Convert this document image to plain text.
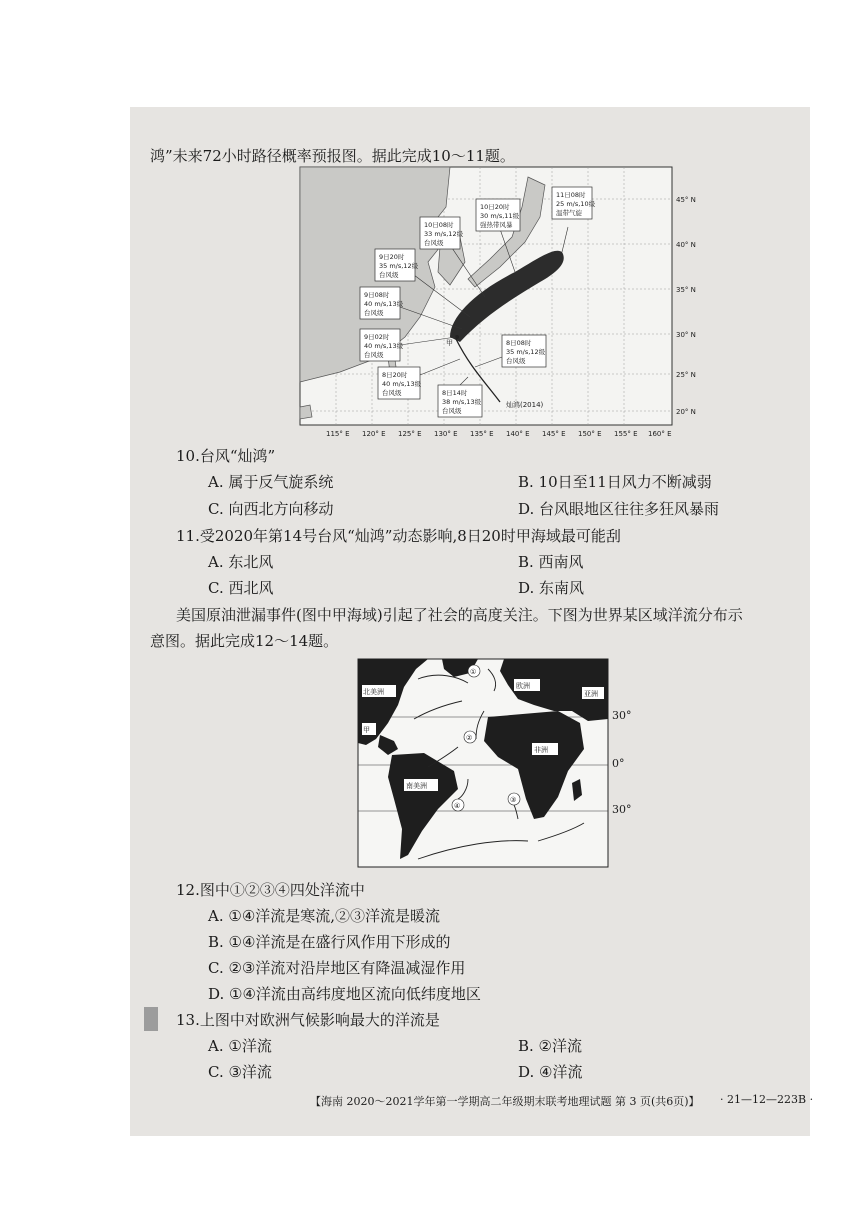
鸿”未来72小时路径概率预报图。据此完成10～11题。
甲
灿鸿(2014)
11日08时
25 m/s,10级
温带气旋
10日20时
30 m/s,11级
强热带风暴
10日08时
33 m/s,12级
台风级
9日20时
35 m/s,12级
台风级
9日08时
40 m/s,13级
台风级
9日02时
40 m/s,13级
台风级
8日08时
35 m/s,12级
台风级
8日20时
40 m/s,13级
台风级	8日14时
38 m/s,13级
台风级
45° N
40° N
35° N
30° N
25° N
20° N
115° E 120° E 125° E 130° E 135° E 140° E 145° E 150° E 155° E 160° E
10.台风“灿鸿”
A. 属于反气旋系统	B. 10日至11日风力不断减弱
C. 向西北方向移动	D. 台风眼地区往往多狂风暴雨
11.受2020年第14号台风“灿鸿”动态影响,8日20时甲海域最可能刮
A. 东北风	B. 西南风
C. 西北风	D. 东南风
美国原油泄漏事件(图中甲海域)引起了社会的高度关注。下图为世界某区域洋流分布示
意图。据此完成12～14题。
北美洲
欧洲
亚洲
非洲
南美洲
甲
①
②
③
④
30°
0°
30°
12.图中①②③④四处洋流中
A. ①④洋流是寒流,②③洋流是暖流
B. ①④洋流是在盛行风作用下形成的
C. ②③洋流对沿岸地区有降温减湿作用
D. ①④洋流由高纬度地区流向低纬度地区
13.上图中对欧洲气候影响最大的洋流是
A. ①洋流	B. ②洋流
C. ③洋流	D. ④洋流
【海南 2020～2021学年第一学期高二年级期末联考地理试题 第 3 页(共6页)】 · 21—12—223B ·
